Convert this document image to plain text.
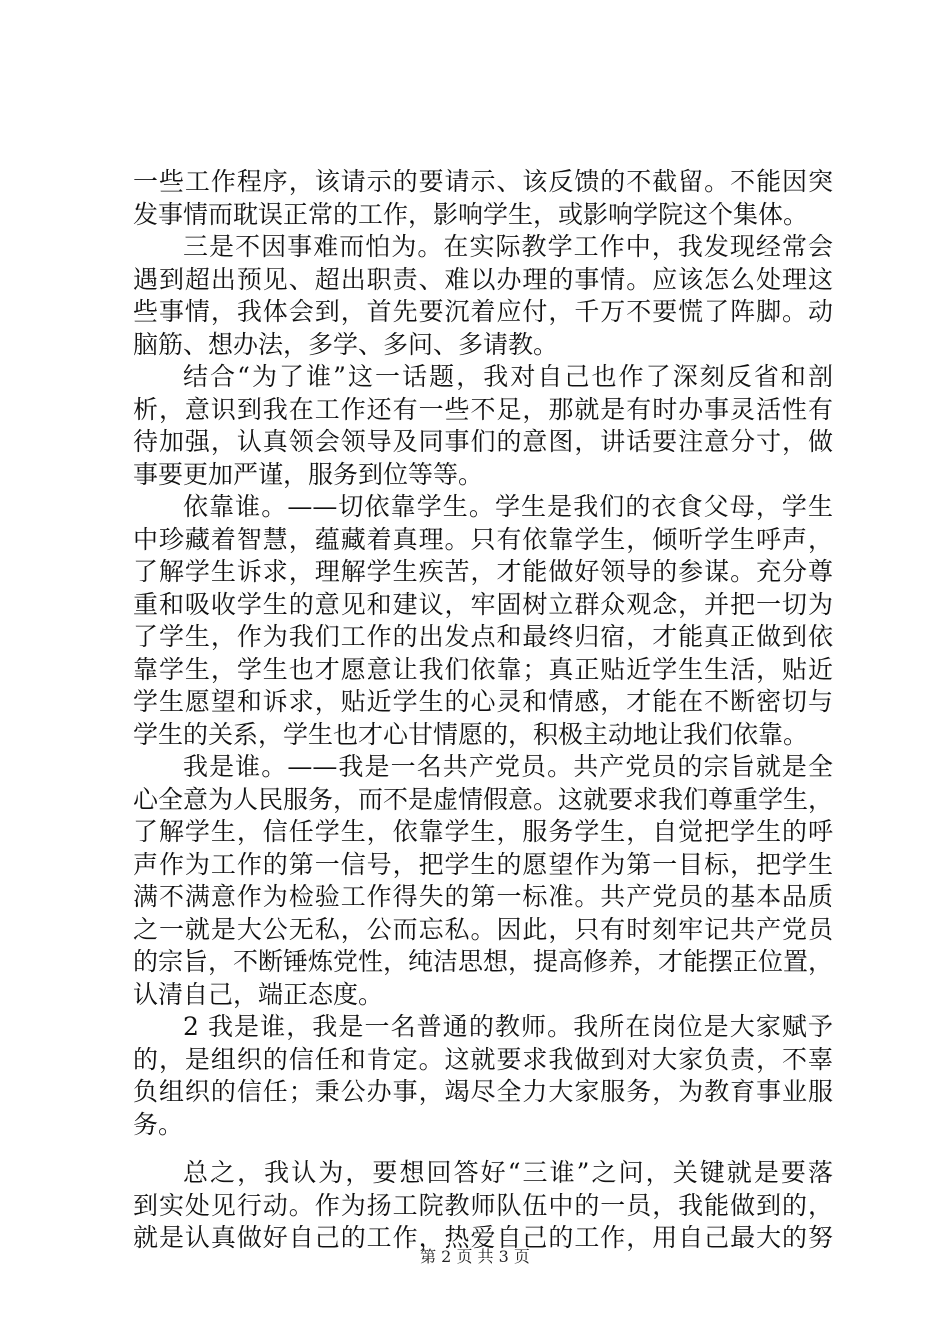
一些工作程序，该请示的要请示、该反馈的不截留。不能因突
发事情而耽误正常的工作，影响学生，或影响学院这个集体。
三是不因事难而怕为。在实际教学工作中，我发现经常会
遇到超出预见、超出职责、难以办理的事情。应该怎么处理这
些事情，我体会到，首先要沉着应付，千万不要慌了阵脚。动
脑筋、想办法，多学、多问、多请教。
结合“为了谁”这一话题，我对自己也作了深刻反省和剖
析，意识到我在工作还有一些不足，那就是有时办事灵活性有
待加强，认真领会领导及同事们的意图，讲话要注意分寸，做
事要更加严谨，服务到位等等。
依靠谁。——切依靠学生。学生是我们的衣食父母，学生
中珍藏着智慧，蕴藏着真理。只有依靠学生，倾听学生呼声，
了解学生诉求，理解学生疾苦，才能做好领导的参谋。充分尊
重和吸收学生的意见和建议，牢固树立群众观念，并把一切为
了学生，作为我们工作的出发点和最终归宿，才能真正做到依
靠学生，学生也才愿意让我们依靠；真正贴近学生生活，贴近
学生愿望和诉求，贴近学生的心灵和情感，才能在不断密切与
学生的关系，学生也才心甘情愿的，积极主动地让我们依靠。
我是谁。——我是一名共产党员。共产党员的宗旨就是全
心全意为人民服务，而不是虚情假意。这就要求我们尊重学生，
了解学生，信任学生，依靠学生，服务学生，自觉把学生的呼
声作为工作的第一信号，把学生的愿望作为第一目标，把学生
满不满意作为检验工作得失的第一标准。共产党员的基本品质
之一就是大公无私，公而忘私。因此，只有时刻牢记共产党员
的宗旨，不断锤炼党性，纯洁思想，提高修养，才能摆正位置，
认清自己，端正态度。
2 我是谁，我是一名普通的教师。我所在岗位是大家赋予
的，是组织的信任和肯定。这就要求我做到对大家负责，不辜
负组织的信任；秉公办事，竭尽全力大家服务，为教育事业服
务。
总之，我认为，要想回答好“三谁”之问，关键就是要落
到实处见行动。作为扬工院教师队伍中的一员，我能做到的，
就是认真做好自己的工作，热爱自己的工作，用自己最大的努
第 2 页 共 3 页
